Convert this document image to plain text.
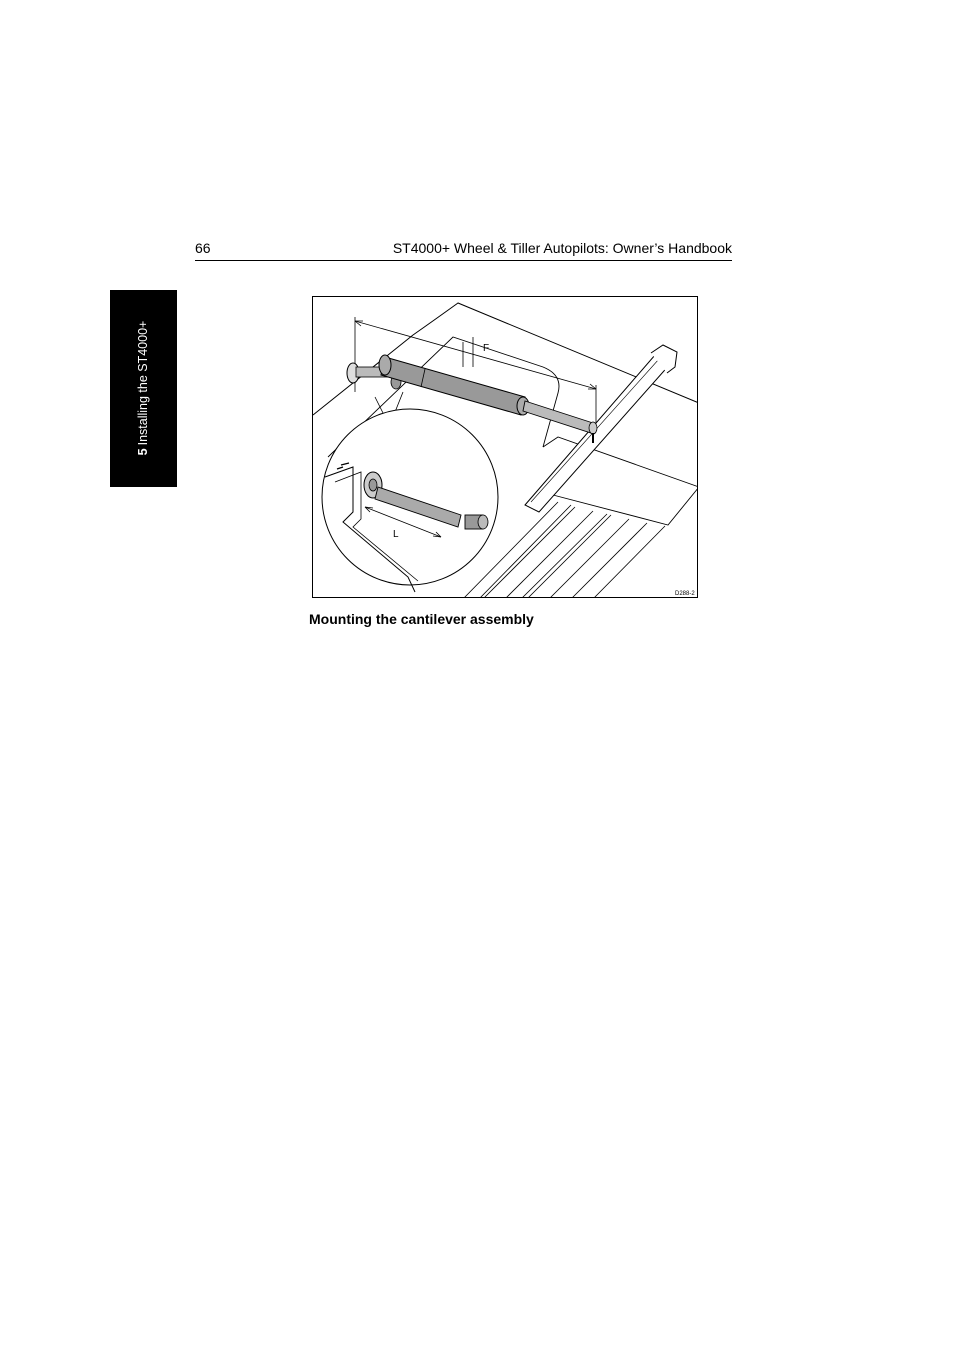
66	ST4000+ Wheel & Tiller Autopilots: Owner’s Handbook
5Installing the ST4000+	F
L
D288-2
Mounting the cantilever assembly
